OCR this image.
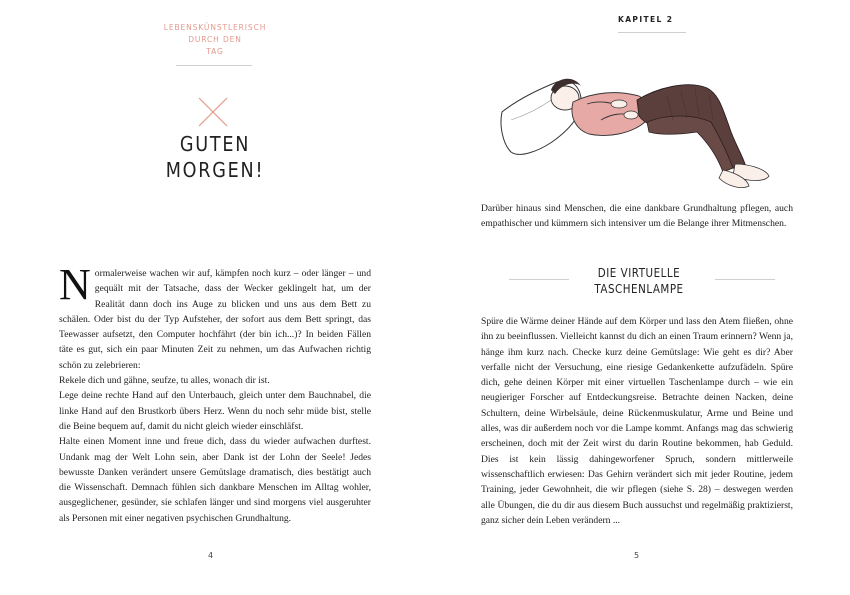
LEBENSKÜNSTLERISCH
DURCH DEN
TAG
GUTEN
MORGEN!

Normalerweise wachen wir auf, kämpfen noch kurz – oder länger – und gequält mit der Tatsache, dass der Wecker geklingelt hat, um der Realität dann doch ins Auge zu blicken und uns aus dem Bett zu schälen. Oder bist du der Typ Aufsteher, der sofort aus dem Bett springt, das Teewasser aufsetzt, den Computer hochfährt (der bin ich...)? In beiden Fällen täte es gut, sich ein paar Minuten Zeit zu nehmen, um das Aufwachen richtig schön zu zelebrieren:

Rekele dich und gähne, seufze, tu alles, wonach dir ist.

Lege deine rechte Hand auf den Unterbauch, gleich unter dem Bauchnabel, die linke Hand auf den Brustkorb übers Herz. Wenn du noch sehr müde bist, stelle die Beine bequem auf, damit du nicht gleich wieder einschläfst.

Halte einen Moment inne und freue dich, dass du wieder aufwachen durftest. Undank mag der Welt Lohn sein, aber Dank ist der Lohn der Seele! Jedes bewusste Danken verändert unsere Gemütslage dramatisch, dies bestätigt auch die Wissenschaft. Demnach fühlen sich dankbare Menschen im Alltag wohler, ausgeglichener, gesünder, sie schlafen länger und sind morgens viel ausgeruhter als Personen mit einer negativen psychischen Grundhaltung.

4
KAPITEL 2
Darüber hinaus sind Menschen, die eine dankbare Grundhaltung pflegen, auch empathischer und kümmern sich intensiver um die Belange ihrer Mitmenschen.
DIE VIRTUELLE
TASCHENLAMPE
Spüre die Wärme deiner Hände auf dem Körper und lass den Atem fließen, ohne ihn zu beeinflussen. Vielleicht kannst du dich an einen Traum erinnern? Wenn ja, hänge ihm kurz nach. Checke kurz deine Gemütslage: Wie geht es dir? Aber verfalle nicht der Versuchung, eine riesige Gedankenkette aufzufädeln. Spüre dich, gehe deinen Körper mit einer virtuellen Taschenlampe durch – wie ein neugieriger Forscher auf Entdeckungsreise. Betrachte deinen Nacken, deine Schultern, deine Wirbelsäule, deine Rückenmuskulatur, Arme und Beine und alles, was dir außerdem noch vor die Lampe kommt. Anfangs mag das schwierig erscheinen, doch mit der Zeit wirst du darin Routine bekommen, hab Geduld. Dies ist kein lässig dahingeworfener Spruch, sondern mittlerweile wissenschaftlich erwiesen: Das Gehirn verändert sich mit jeder Routine, jedem Training, jeder Gewohnheit, die wir pflegen (siehe S. 28) – deswegen werden alle Übungen, die du dir aus diesem Buch aussuchst und regelmäßig praktizierst, ganz sicher dein Leben verändern ...
5
